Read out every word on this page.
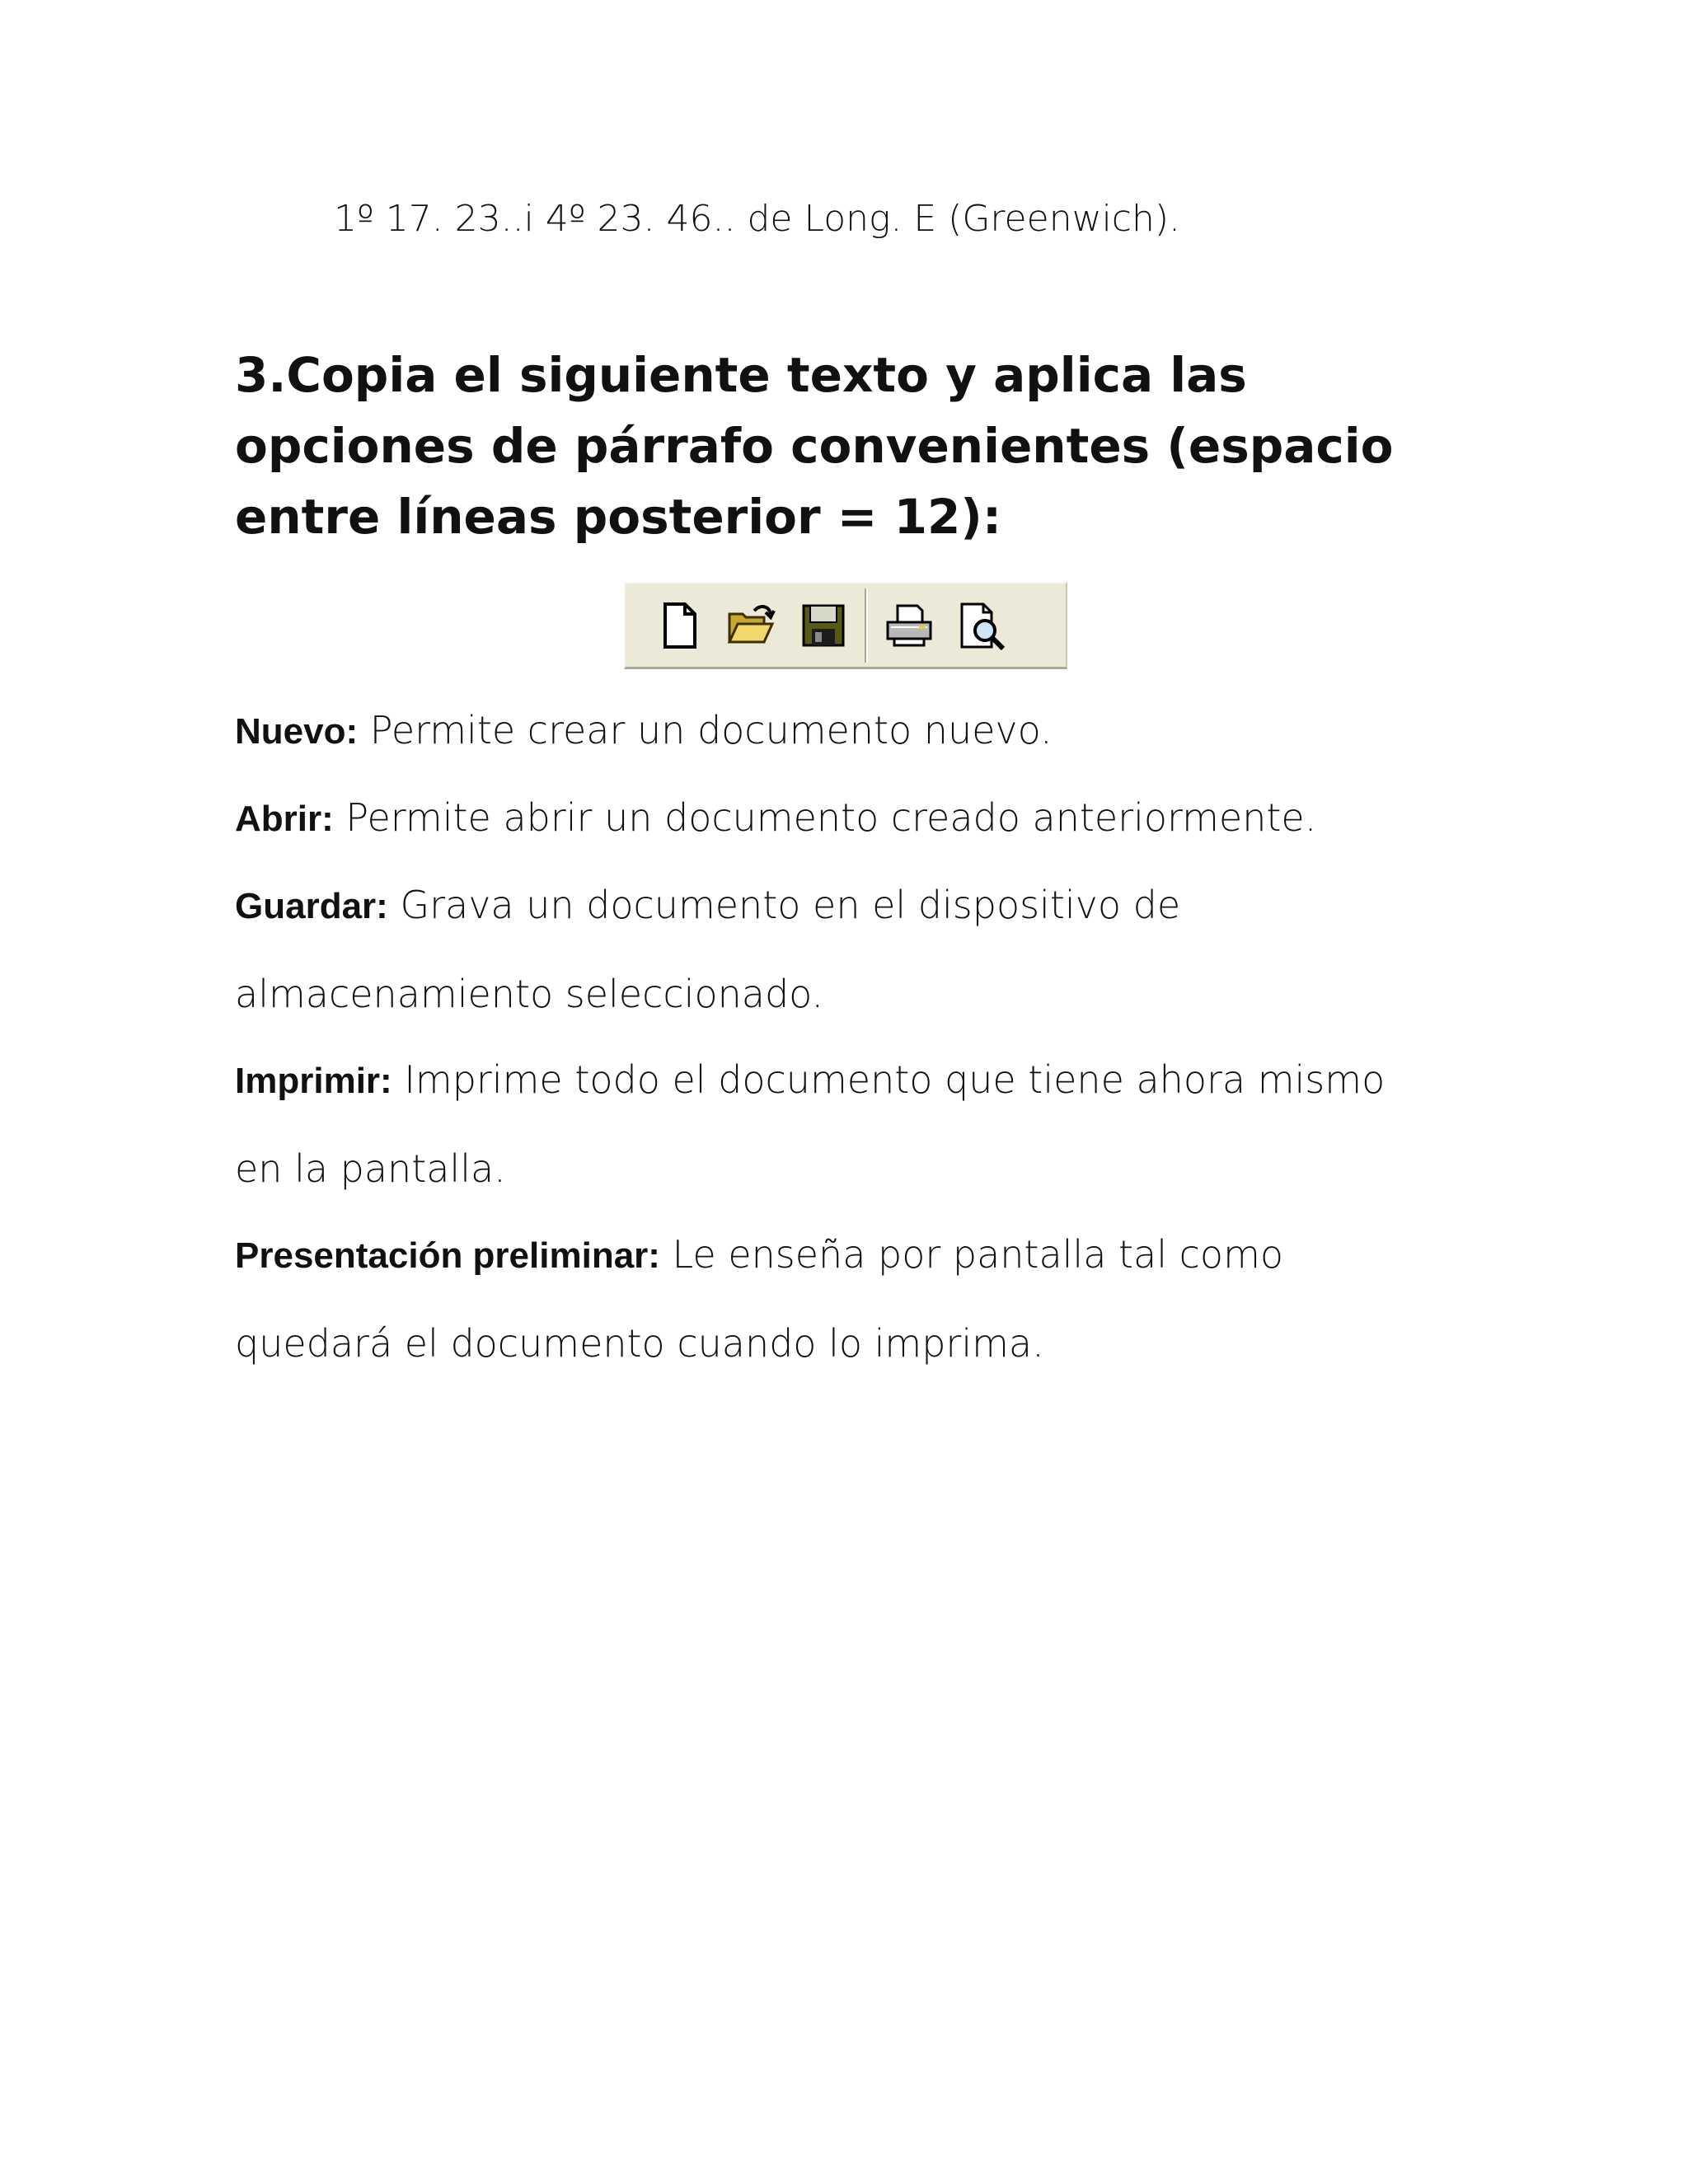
1º 17. 23..i 4º 23. 46.. de Long. E (Greenwich).
3.Copia el siguiente texto y aplica las opciones de párrafo convenientes (espacio entre líneas posterior = 12):

Nuevo: Permite crear un documento nuevo.

Abrir: Permite abrir un documento creado anteriormente.

Guardar: Grava un documento en el dispositivo de almacenamiento seleccionado.

Imprimir: Imprime todo el documento que tiene ahora mismo en la pantalla.

Presentación preliminar: Le enseña por pantalla tal como quedará el documento cuando lo imprima.
